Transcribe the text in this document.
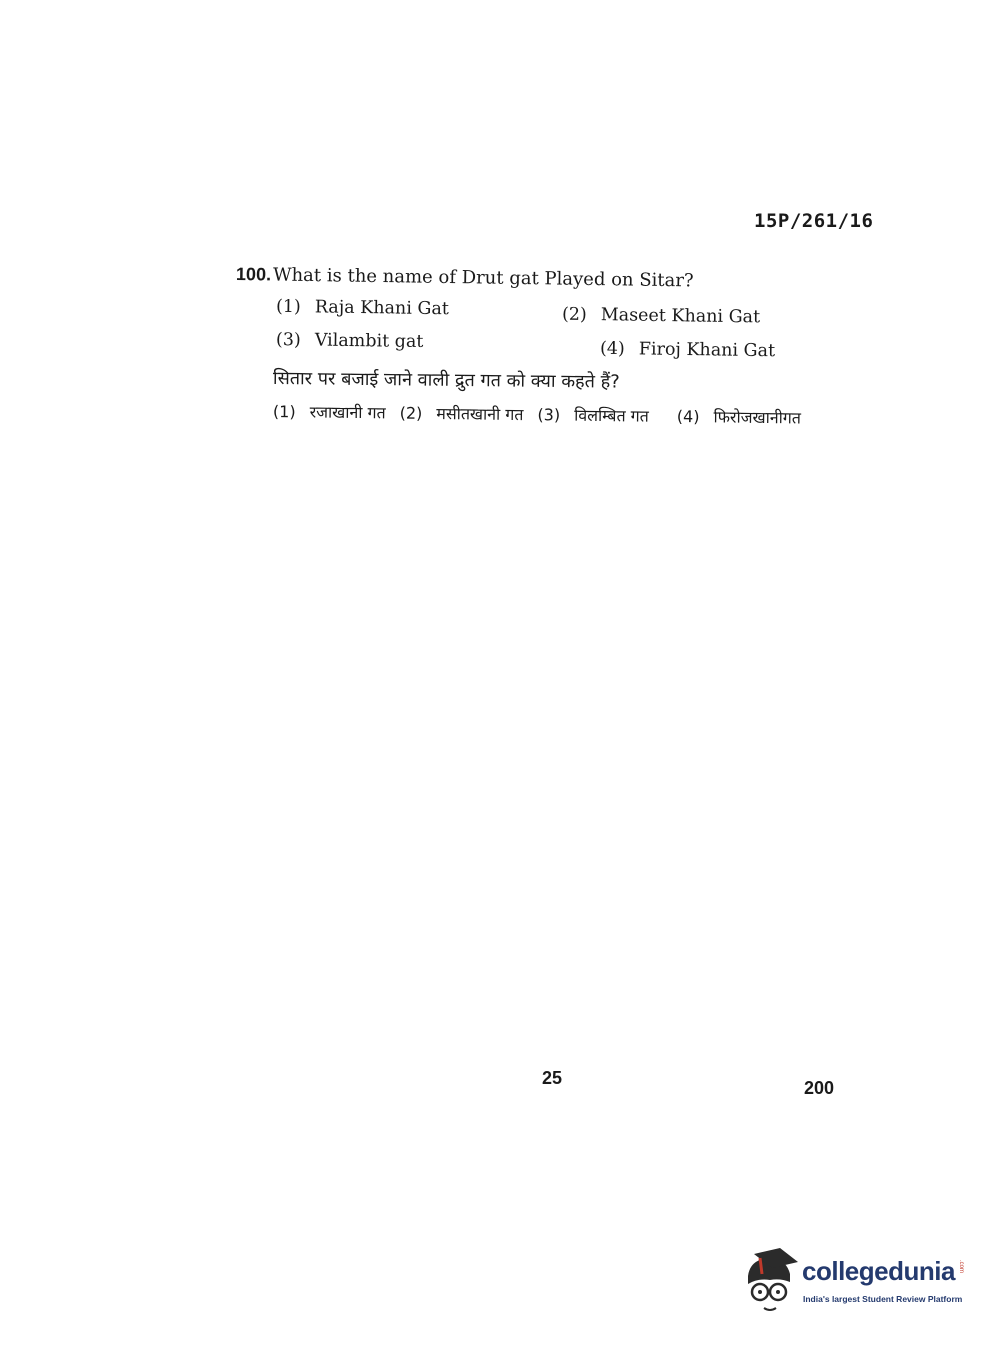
15P/261/16
100.What is the name of Drut gat Played on Sitar?
(1) Raja Khani Gat	(2) Maseet Khani Gat
(3) Vilambit gat	(4) Firoj Khani Gat
सितार पर बजाई जाने वाली द्रुत गत को क्या कहते हैं?
(1) रजाखानी गत (2) मसीतखानी गत (3) विलम्बित गत (4) फिरोजखानीगत
25	200
collegedunia .com
India's largest Student Review Platform
